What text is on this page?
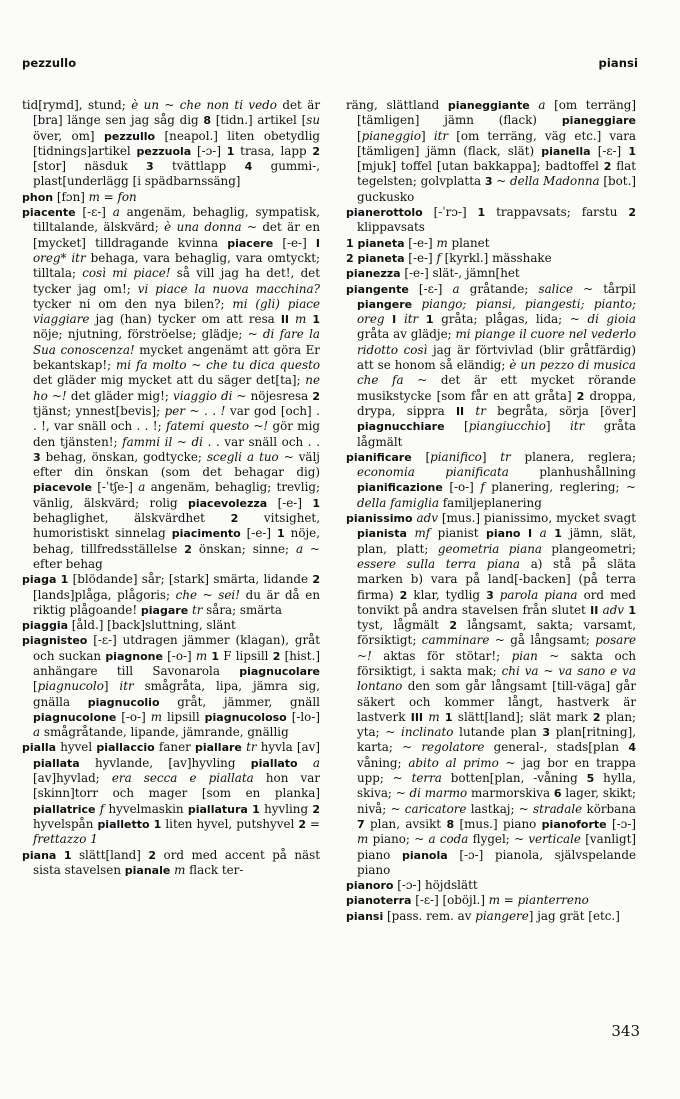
pezzullo	piansi

tid[rymd], stund; è un ~ che non ti vedo det är [bra] länge sen jag såg dig 8 [tidn.] artikel [su över, om] pezzullo [neapol.] liten obetydlig [tidnings]artikel pezzuola [-ɔ-] 1 trasa, lapp 2 [stor] näsduk 3 tvättlapp 4 gummi-, plast[underlägg [i spädbarnssäng]

phon [fɔn] m = fon

piacente [-ɛ-] a angenäm, behaglig, sympatisk, tilltalande, älskvärd; è una donna ~ det är en [mycket] tilldragande kvinna piacere [-e-] I oreg* itr behaga, vara behaglig, vara omtyckt; tilltala; così mi piace! så vill jag ha det!, det tycker jag om!; vi piace la nuova macchina? tycker ni om den nya bilen?; mi (gli) piace viaggiare jag (han) tycker om att resa II m 1 nöje; njutning, förströelse; glädje; ~ di fare la Sua conoscenza! mycket angenämt att göra Er bekantskap!; mi fa molto ~ che tu dica questo det gläder mig mycket att du säger det[ta]; ne ho ~! det gläder mig!; viaggio di ~ nöjesresa 2 tjänst; ynnest[bevis]; per ~ . . ! var god [och] . . !, var snäll och . . !; fatemi questo ~! gör mig den tjänsten!; fammi il ~ di . . var snäll och . . 3 behag, önskan, godtycke; scegli a tuo ~ välj efter din önskan (som det behagar dig) piacevole [-ˈtʃe-] a angenäm, behaglig; trevlig; vänlig, älskvärd; rolig piacevolezza [-e-] 1 behaglighet, älskvärdhet 2 vitsighet, humoristiskt sinnelag piacimento [-e-] 1 nöje, behag, tillfredsställelse 2 önskan; sinne; a ~ efter behag

piaga 1 [blödande] sår; [stark] smärta, lidande 2 [lands]plåga, plågoris; che ~ sei! du är då en riktig plågoande! piagare tr såra; smärta

piaggia [åld.] [back]sluttning, slänt

piagnisteo [-ɛ-] utdragen jämmer (klagan), gråt och suckan piagnone [-o-] m 1 F lipsill 2 [hist.] anhängare till Savonarola piagnucolare [piagnucolo] itr smågråta, lipa, jämra sig, gnälla piagnucolio gråt, jämmer, gnäll piagnucolone [-o-] m lipsill piagnucoloso [-lo-] a smågråtande, lipande, jämrande, gnällig

pialla hyvel piallaccio faner piallare tr hyvla [av] piallata hyvlande, [av]hyvling piallato a [av]hyvlad; era secca e piallata hon var [skinn]torr och mager [som en planka] piallatrice f hyvelmaskin piallatura 1 hyvling 2 hyvelspån pialletto 1 liten hyvel, putshyvel 2 = frettazzo 1

piana 1 slätt[land] 2 ord med accent på näst sista stavelsen pianale m flack ter-

räng, slättland pianeggiante a [om terräng] [tämligen] jämn (flack) pianeggiare [pianeggio] itr [om terräng, väg etc.] vara [tämligen] jämn (flack, slät) pianella [-ɛ-] 1 [mjuk] toffel [utan bakkappa]; badtoffel 2 flat tegelsten; golvplatta 3 ~ della Madonna [bot.] guckusko

pianerottolo [-ˈrɔ-] 1 trappavsats; farstu 2 klippavsats

1 pianeta [-e-] m planet

2 pianeta [-e-] f [kyrkl.] mässhake

pianezza [-e-] slät-, jämn[het

piangente [-ɛ-] a gråtande; salice ~ tårpil piangere piango; piansi, piangesti; pianto; oreg I itr 1 gråta; plågas, lida; ~ di gioia gråta av glädje; mi piange il cuore nel vederlo ridotto così jag är förtvivlad (blir gråtfärdig) att se honom så eländig; è un pezzo di musica che fa ~ det är ett mycket rörande musikstycke [som får en att gråta] 2 droppa, drypa, sippra II tr begråta, sörja [över] piagnucchiare [piangiucchio] itr gråta lågmält

pianificare [pianifico] tr planera, reglera; economia pianificata planhushållning pianificazione [-o-] f planering, reglering; ~ della famiglia familjeplanering

pianissimo adv [mus.] pianissimo, mycket svagt pianista mf pianist piano I a 1 jämn, slät, plan, platt; geometria piana plangeometri; essere sulla terra piana a) stå på släta marken b) vara på land[-backen] (på terra firma) 2 klar, tydlig 3 parola piana ord med tonvikt på andra stavelsen från slutet II adv 1 tyst, lågmält 2 långsamt, sakta; varsamt, försiktigt; camminare ~ gå långsamt; posare ~! aktas för stötar!; pian ~ sakta och försiktigt, i sakta mak; chi va ~ va sano e va lontano den som går långsamt [till-väga] går säkert och kommer långt, hastverk är lastverk III m 1 slätt[land]; slät mark 2 plan; yta; ~ inclinato lutande plan 3 plan[ritning], karta; ~ regolatore general-, stads[plan 4 våning; abito al primo ~ jag bor en trappa upp; ~ terra botten[plan, -våning 5 hylla, skiva; ~ di marmo marmorskiva 6 lager, skikt; nivå; ~ caricatore lastkaj; ~ stradale körbana 7 plan, avsikt 8 [mus.] piano pianoforte [-ɔ-] m piano; ~ a coda flygel; ~ verticale [vanligt] piano pianola [-ɔ-] pianola, självspelande piano

pianoro [-ɔ-] höjdslätt

pianoterra [-ɛ-] [oböjl.] m = pianterreno

piansi [pass. rem. av piangere] jag grät [etc.]

343
